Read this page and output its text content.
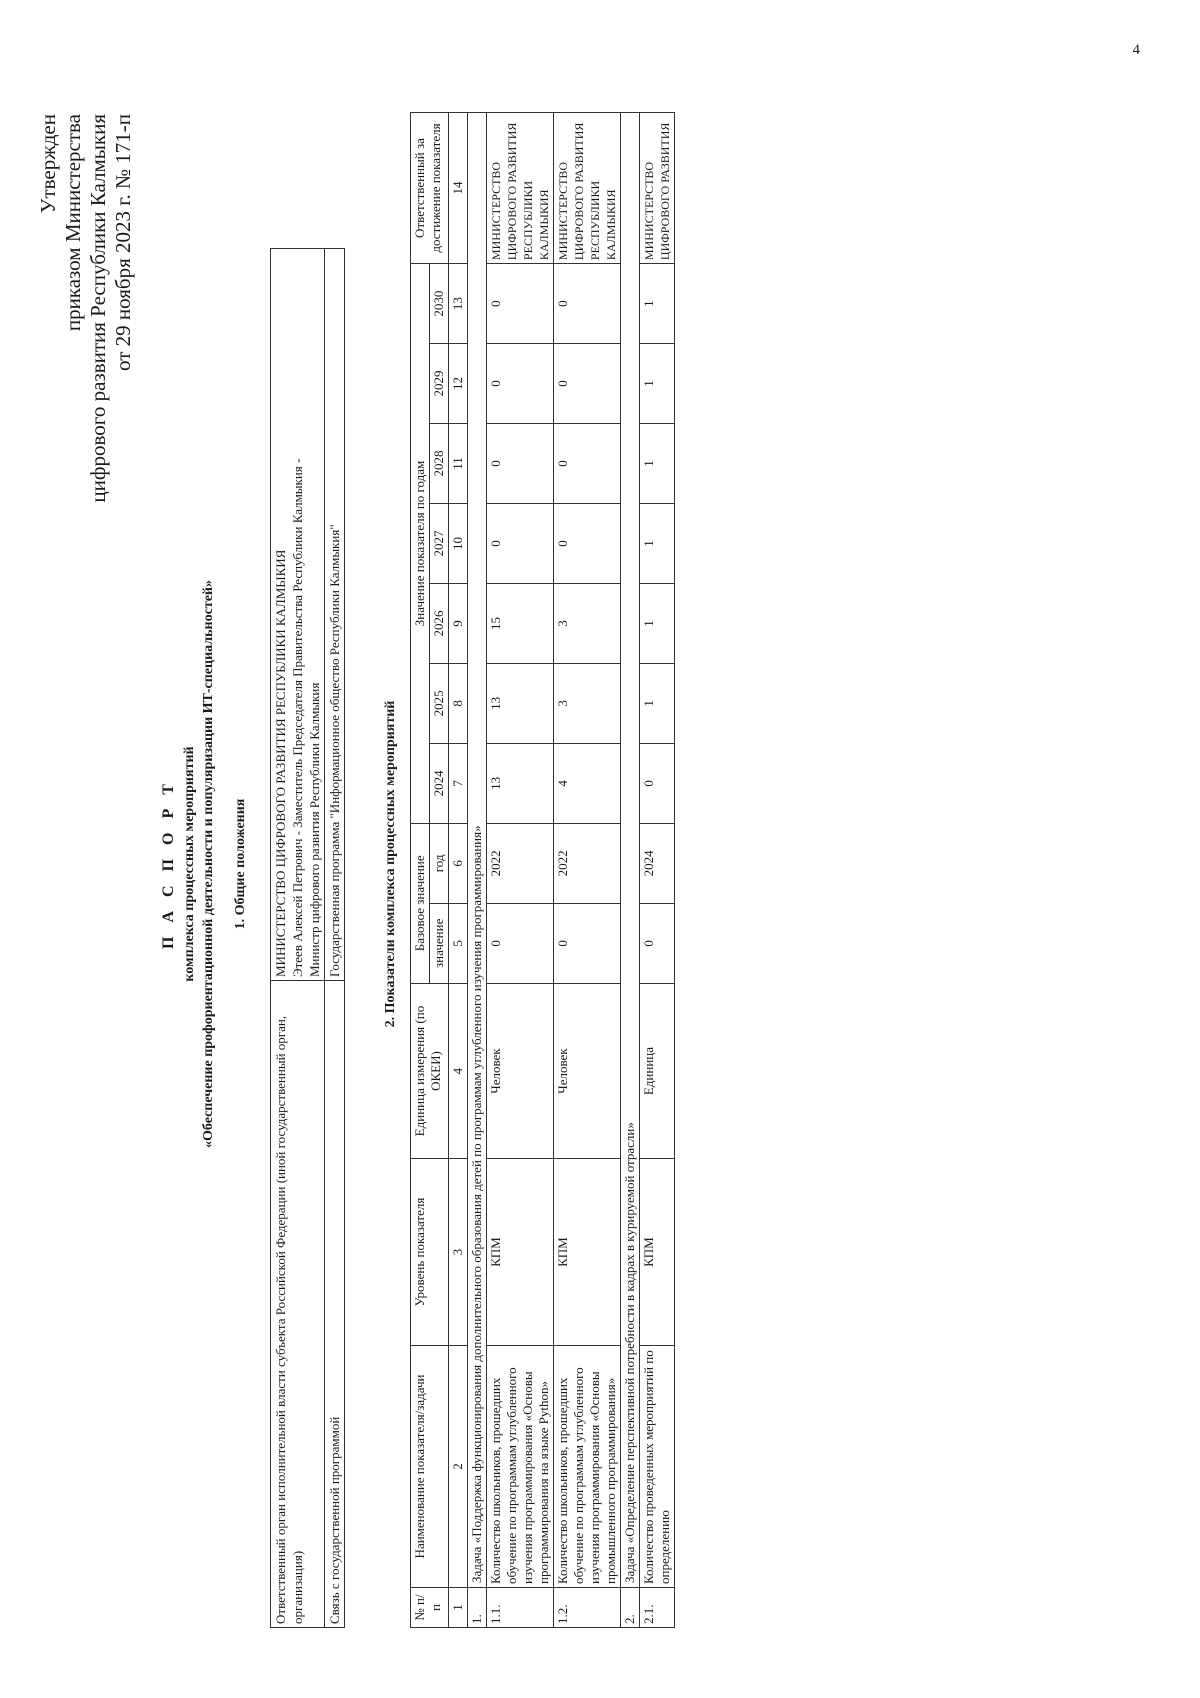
4
Утвержден приказом Министерства цифрового развития Республики Калмыкия от 29 ноября 2023 г. № 171-п
П А С П О Р Т комплекса процессных мероприятий «Обеспечение профориентационной деятельности и популяризации ИТ-специальностей» 1. Общие положения
Ответственный орган исполнительной власти субъекта Российской Федерации (иной государственный орган, организация)	МИНИСТЕРСТВО ЦИФРОВОГО РАЗВИТИЯ РЕСПУБЛИКИ КАЛМЫКИЯ Этеев Алексей Петрович - Заместитель Председателя Правительства Республики Калмыкия - Министр цифрового развития Республики Калмыкия

Связь с государственной программой	Государственная программа "Информационное общество Республики Калмыкия"	2. Показатели комплекса процессных мероприятий
№ п/п	Наименование показателя/задачи	Уровень показателя	Единица измерения (по ОКЕИ)	Базовое значение		Значение показателя по годам							Ответственный за достижение показателя
				значение	год	2024	2025	2026	2027	2028	2029	2030	
1	2	3	4	5	6	7	8	9	10	11	12	13	14
1.	Задача «Поддержка функционирования дополнительного образования детей по программам углубленного изучения программирования»												
1.1.	Количество школьников, прошедших обучение по программам углубленного изучения программирования «Основы программирования на языке Python»	КПМ	Человек	0	2022	13	13	15	0	0	0	0	МИНИСТЕРСТВО ЦИФРОВОГО РАЗВИТИЯ РЕСПУБЛИКИ КАЛМЫКИЯ
1.2.	Количество школьников, прошедших обучение по программам углубленного изучения программирования «Основы промышленного программирования»	КПМ	Человек	0	2022	4	3	3	0	0	0	0	МИНИСТЕРСТВО ЦИФРОВОГО РАЗВИТИЯ РЕСПУБЛИКИ КАЛМЫКИЯ
2.	Задача «Определение перспективной потребности в кадрах в курируемой отрасли»												
2.1.	Количество проведенных мероприятий по определению	КПМ	Единица	0	2024	0	1	1	1	1	1	1	МИНИСТЕРСТВО ЦИФРОВОГО РАЗВИТИЯ
